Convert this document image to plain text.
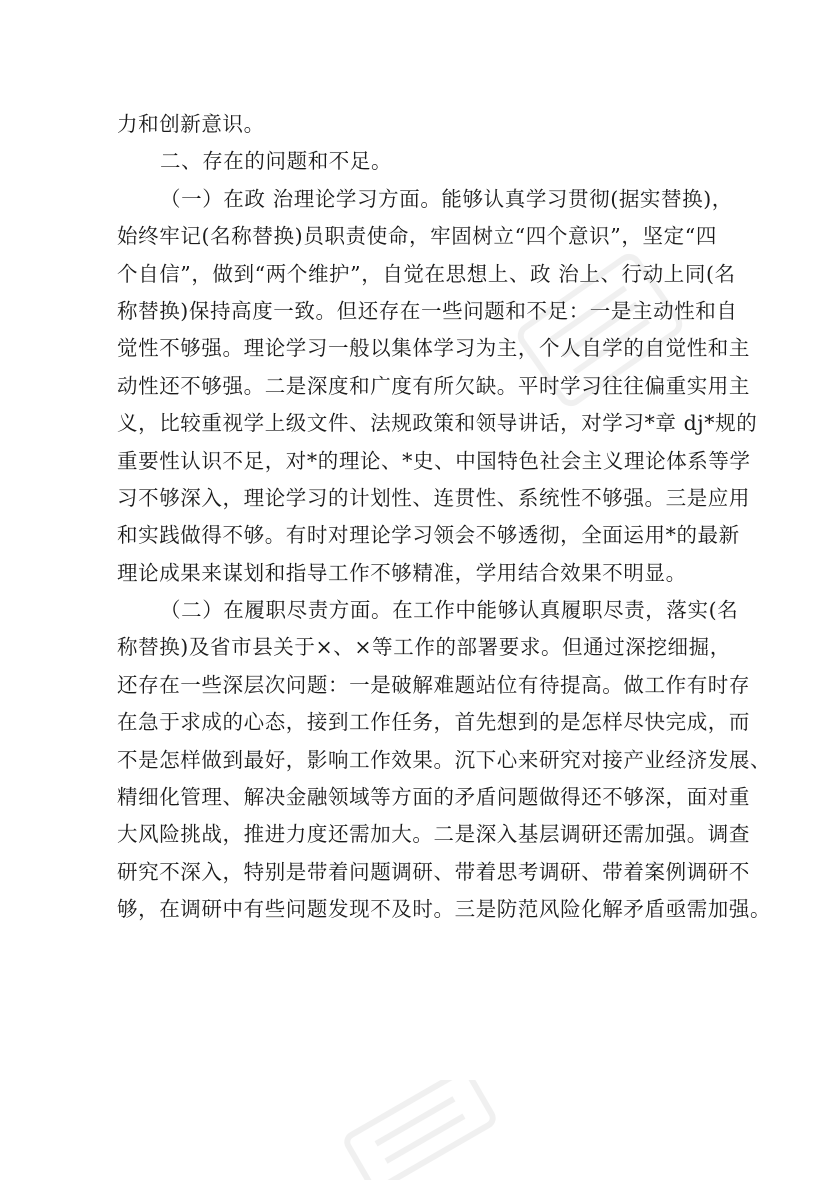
力和创新意识。
二、存在的问题和不足。
（一）在政 治理论学习方面。能够认真学习贯彻(据实替换)，
始终牢记(名称替换)员职责使命，牢固树立“四个意识”，坚定“四
个自信”，做到“两个维护”，自觉在思想上、政 治上、行动上同(名
称替换)保持高度一致。但还存在一些问题和不足：一是主动性和自
觉性不够强。理论学习一般以集体学习为主，个人自学的自觉性和主
动性还不够强。二是深度和广度有所欠缺。平时学习往往偏重实用主
义，比较重视学上级文件、法规政策和领导讲话，对学习*章 dj*规的
重要性认识不足，对*的理论、*史、中国特色社会主义理论体系等学
习不够深入，理论学习的计划性、连贯性、系统性不够强。三是应用
和实践做得不够。有时对理论学习领会不够透彻，全面运用*的最新
理论成果来谋划和指导工作不够精准，学用结合效果不明显。
（二）在履职尽责方面。在工作中能够认真履职尽责，落实(名
称替换)及省市县关于×、×等工作的部署要求。但通过深挖细掘，
还存在一些深层次问题：一是破解难题站位有待提高。做工作有时存
在急于求成的心态，接到工作任务，首先想到的是怎样尽快完成，而
不是怎样做到最好，影响工作效果。沉下心来研究对接产业经济发展、
精细化管理、解决金融领域等方面的矛盾问题做得还不够深，面对重
大风险挑战，推进力度还需加大。二是深入基层调研还需加强。调查
研究不深入，特别是带着问题调研、带着思考调研、带着案例调研不
够，在调研中有些问题发现不及时。三是防范风险化解矛盾亟需加强。
